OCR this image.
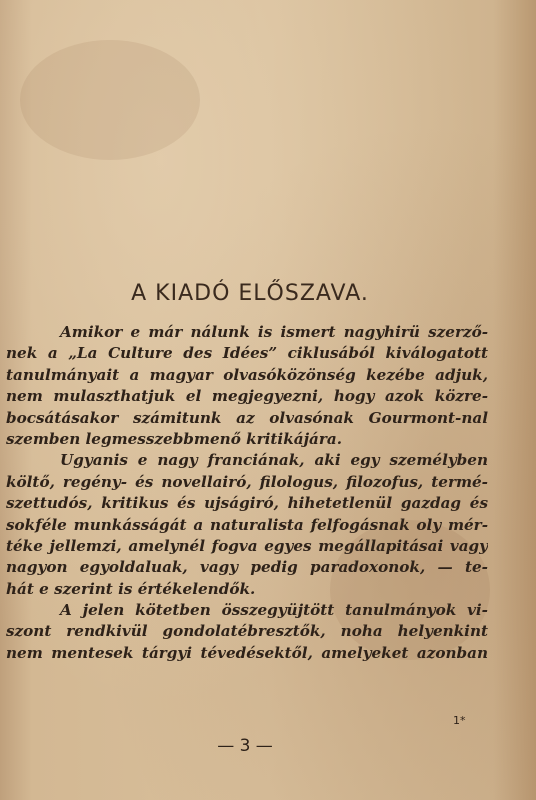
A KIADÓ ELŐSZAVA.
Amikor e már nálunk is ismert nagyhirü szerző-
nek a „La Culture des Idées” ciklusából kiválogatott
tanulmányait a magyar olvasóközönség kezébe adjuk,
nem mulaszthatjuk el megjegyezni, hogy azok közre-
bocsátásakor számitunk az olvasónak Gourmont-nal
szemben legmesszebbmenő kritikájára.
Ugyanis e nagy franciának, aki egy személyben
költő, regény- és novellairó, filologus, filozofus, termé-
szettudós, kritikus és ujságiró, hihetetlenül gazdag és
sokféle munkásságát a naturalista felfogásnak oly mér-
téke jellemzi, amelynél fogva egyes megállapitásai vagy
nagyon egyoldaluak, vagy pedig paradoxonok, — te-
hát e szerint is értékelendők.
A jelen kötetben összegyüjtött tanulmányok vi-
szont rendkivül gondolatébresztők, noha helyenkint
nem mentesek tárgyi tévedésektől, amelyeket azonban
1*
— 3 —
